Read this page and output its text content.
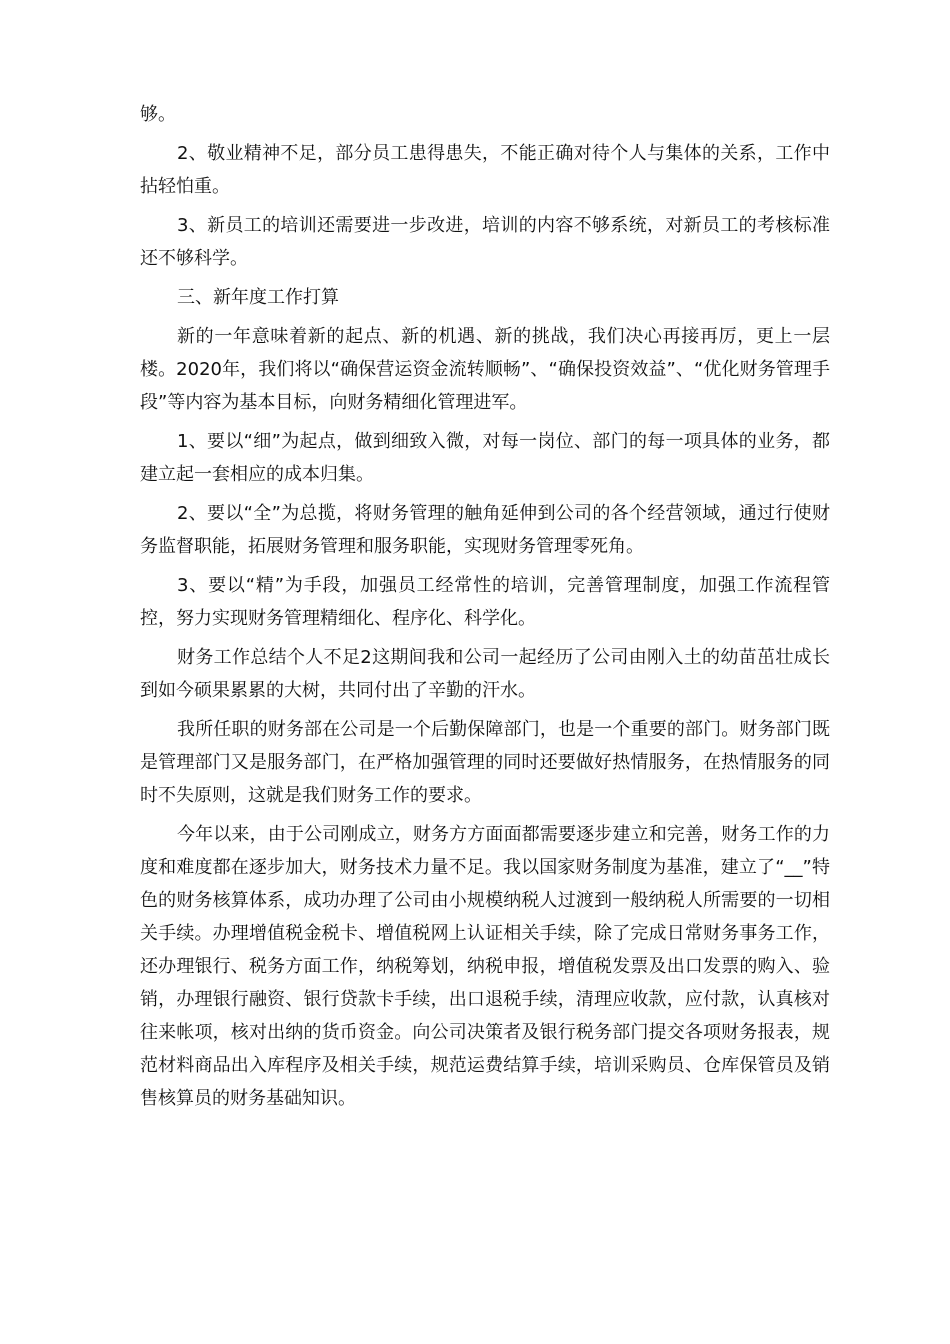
够。

2、敬业精神不足，部分员工患得患失，不能正确对待个人与集体的关系，工作中拈轻怕重。

3、新员工的培训还需要进一步改进，培训的内容不够系统，对新员工的考核标准还不够科学。

三、新年度工作打算

新的一年意味着新的起点、新的机遇、新的挑战，我们决心再接再厉，更上一层楼。2020年，我们将以“确保营运资金流转顺畅”、“确保投资效益”、“优化财务管理手段”等内容为基本目标，向财务精细化管理进军。

1、要以“细”为起点，做到细致入微，对每一岗位、部门的每一项具体的业务，都建立起一套相应的成本归集。

2、要以“全”为总揽，将财务管理的触角延伸到公司的各个经营领域，通过行使财务监督职能，拓展财务管理和服务职能，实现财务管理零死角。

3、要以“精”为手段，加强员工经常性的培训，完善管理制度，加强工作流程管控，努力实现财务管理精细化、程序化、科学化。

财务工作总结个人不足2这期间我和公司一起经历了公司由刚入土的幼苗茁壮成长到如今硕果累累的大树，共同付出了辛勤的汗水。

我所任职的财务部在公司是一个后勤保障部门，也是一个重要的部门。财务部门既是管理部门又是服务部门，在严格加强管理的同时还要做好热情服务，在热情服务的同时不失原则，这就是我们财务工作的要求。

今年以来，由于公司刚成立，财务方方面面都需要逐步建立和完善，财务工作的力度和难度都在逐步加大，财务技术力量不足。我以国家财务制度为基准，建立了“__”特色的财务核算体系，成功办理了公司由小规模纳税人过渡到一般纳税人所需要的一切相关手续。办理增值税金税卡、增值税网上认证相关手续，除了完成日常财务事务工作，还办理银行、税务方面工作，纳税筹划，纳税申报，增值税发票及出口发票的购入、验销，办理银行融资、银行贷款卡手续，出口退税手续，清理应收款，应付款，认真核对往来帐项，核对出纳的货币资金。向公司决策者及银行税务部门提交各项财务报表，规范材料商品出入库程序及相关手续，规范运费结算手续，培训采购员、仓库保管员及销售核算员的财务基础知识。
